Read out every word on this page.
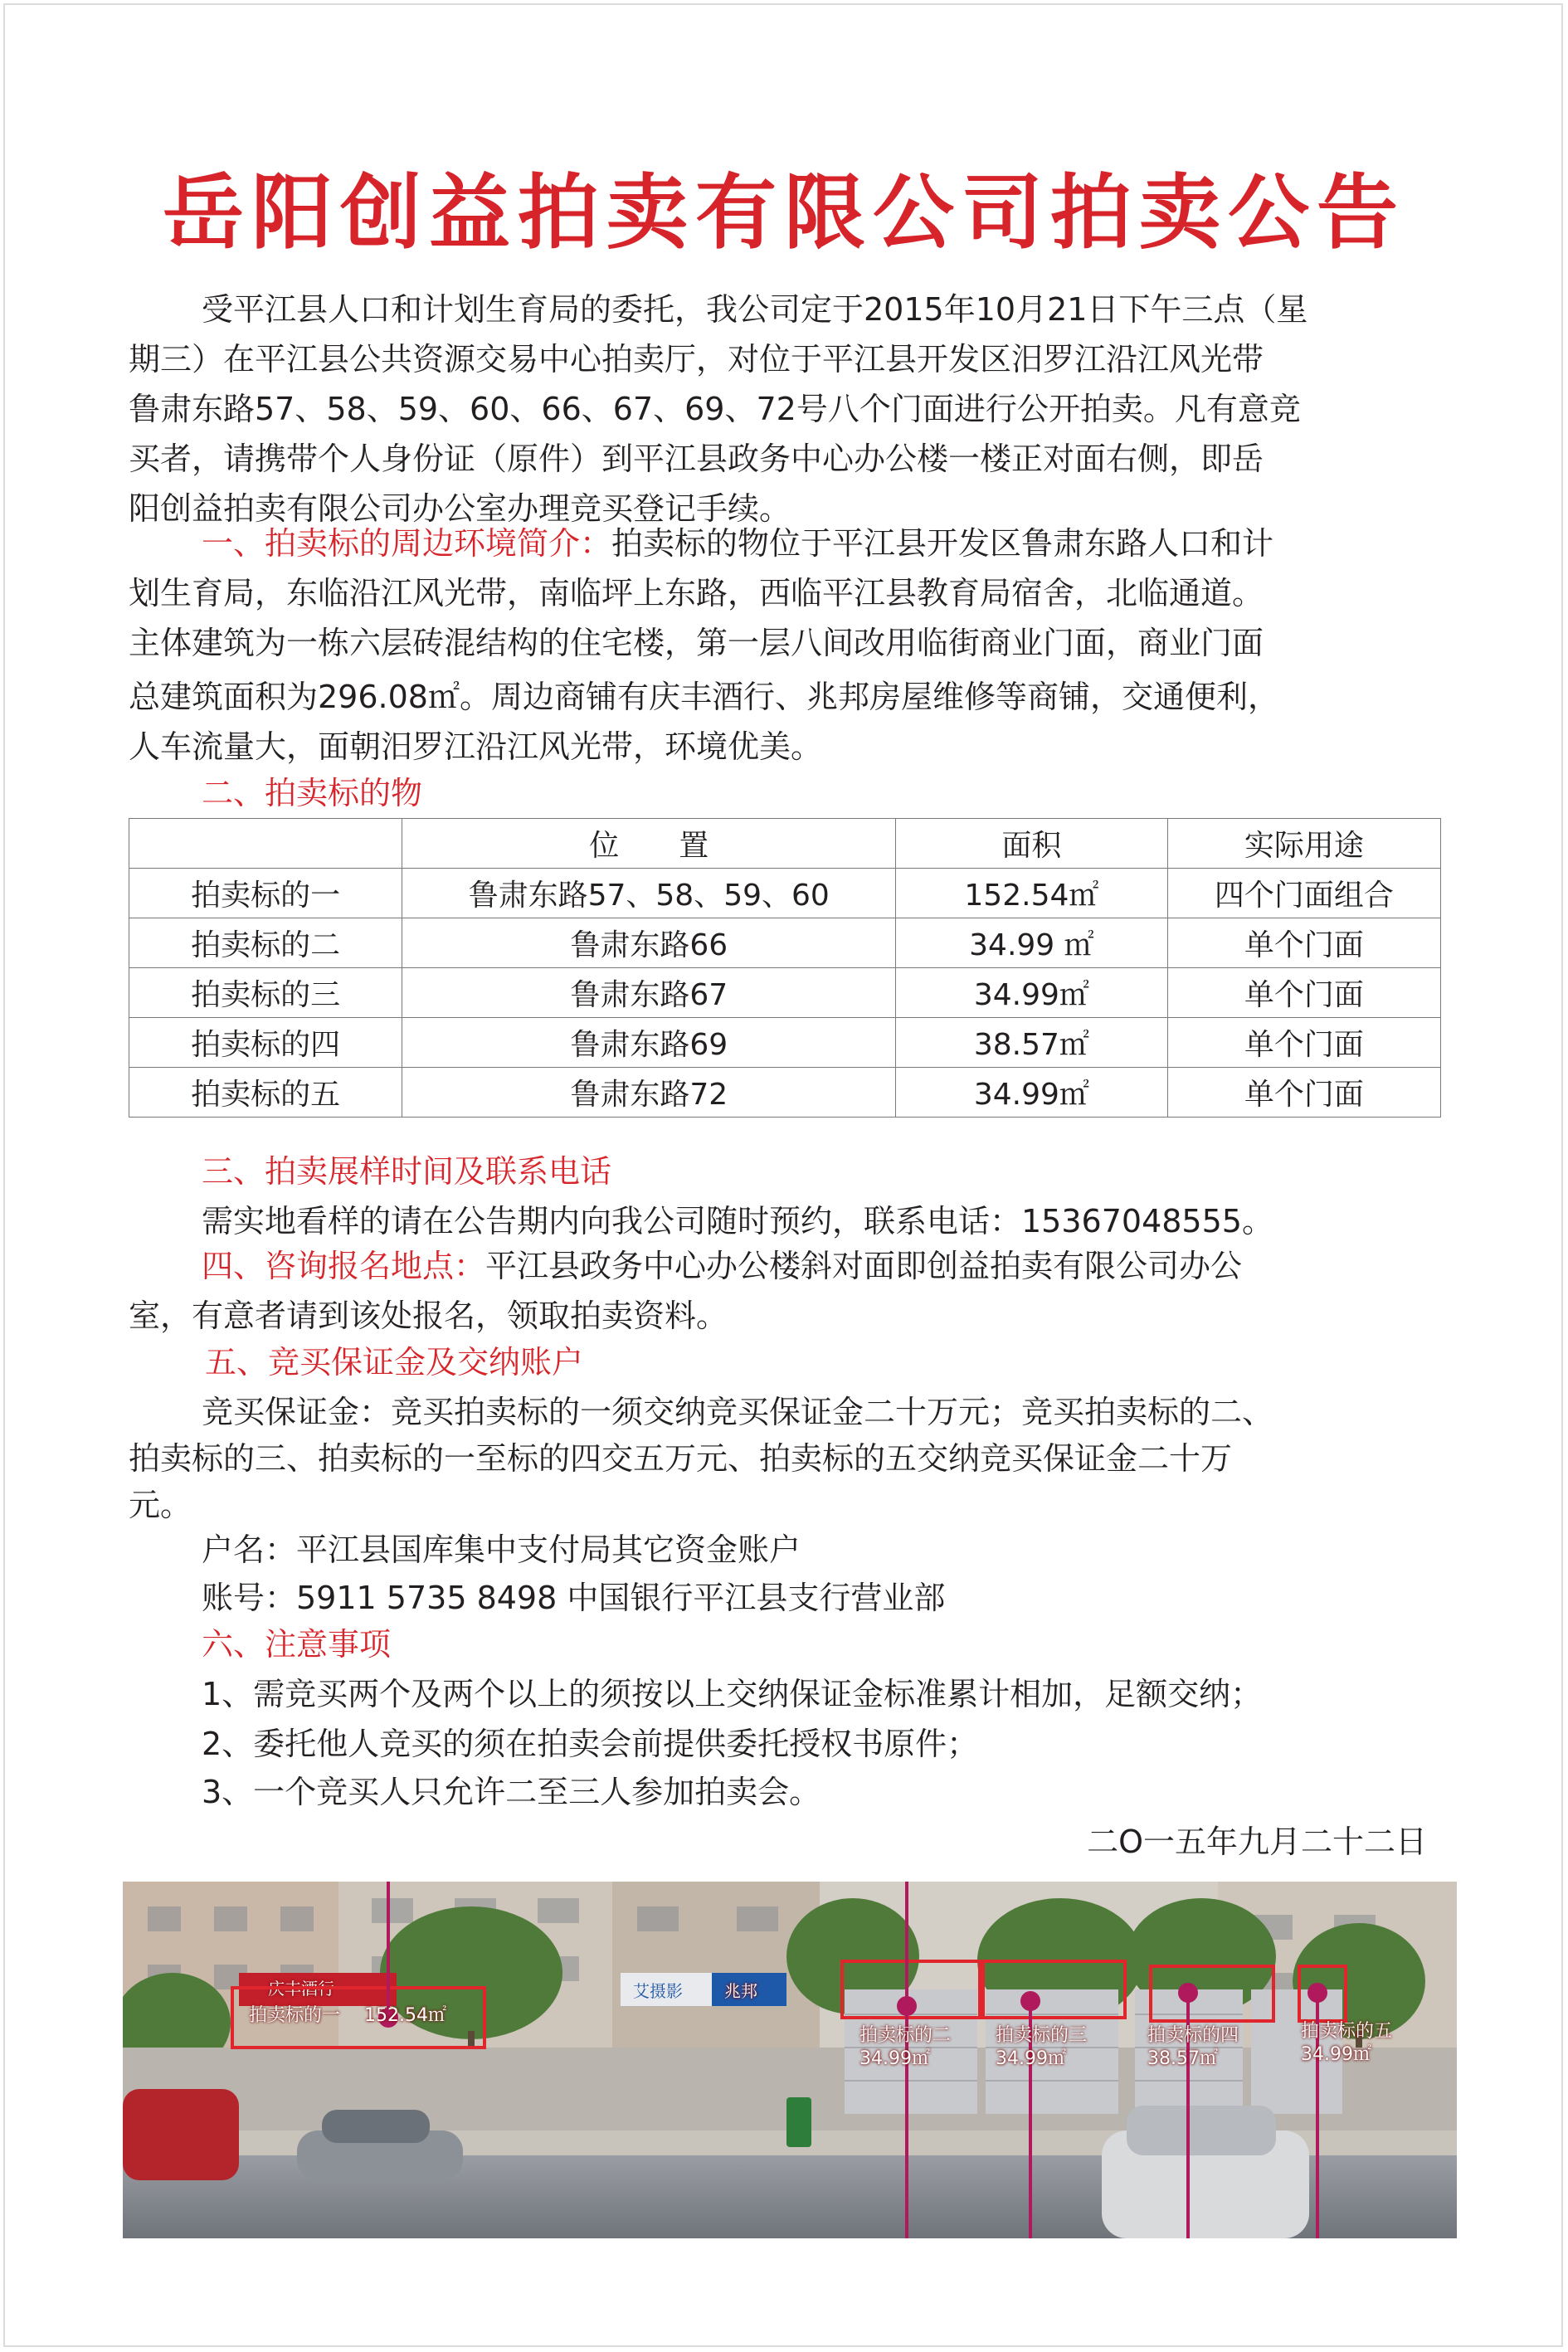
岳阳创益拍卖有限公司拍卖公告
受平江县人口和计划生育局的委托，我公司定于2015年10月21日下午三点（星
期三）在平江县公共资源交易中心拍卖厅，对位于平江县开发区汨罗江沿江风光带
鲁肃东路57、58、59、60、66、67、69、72号八个门面进行公开拍卖。凡有意竞
买者，请携带个人身份证（原件）到平江县政务中心办公楼一楼正对面右侧，即岳
阳创益拍卖有限公司办公室办理竞买登记手续。
一、拍卖标的周边环境简介：拍卖标的物位于平江县开发区鲁肃东路人口和计
划生育局，东临沿江风光带，南临坪上东路，西临平江县教育局宿舍，北临通道。
主体建筑为一栋六层砖混结构的住宅楼，第一层八间改用临街商业门面，商业门面
总建筑面积为296.08㎡。周边商铺有庆丰酒行、兆邦房屋维修等商铺，交通便利，
人车流量大，面朝汨罗江沿江风光带，环境优美。
二、拍卖标的物
	位　　置	面积	实际用途
拍卖标的一	鲁肃东路57、58、59、60	152.54㎡	四个门面组合
拍卖标的二	鲁肃东路66	34.99 ㎡	单个门面
拍卖标的三	鲁肃东路67	34.99㎡	单个门面
拍卖标的四	鲁肃东路69	38.57㎡	单个门面
拍卖标的五	鲁肃东路72	34.99㎡	单个门面
三、拍卖展样时间及联系电话
需实地看样的请在公告期内向我公司随时预约，联系电话：15367048555。
四、咨询报名地点：平江县政务中心办公楼斜对面即创益拍卖有限公司办公
室，有意者请到该处报名，领取拍卖资料。
五、竞买保证金及交纳账户
竞买保证金：竞买拍卖标的一须交纳竞买保证金二十万元；竞买拍卖标的二、
拍卖标的三、拍卖标的一至标的四交五万元、拍卖标的五交纳竞买保证金二十万
元。
户名：平江县国库集中支付局其它资金账户
账号：5911 5735 8498 中国银行平江县支行营业部
六、注意事项
1、需竞买两个及两个以上的须按以上交纳保证金标准累计相加，足额交纳；
2、委托他人竞买的须在拍卖会前提供委托授权书原件；
3、一个竞买人只允许二至三人参加拍卖会。
二O一五年九月二十二日
庆丰酒行	艾摄影	兆邦
拍卖标的一　 152.54㎡
拍卖标的二
34.99㎡
拍卖标的三
34.99㎡
拍卖标的四
38.57㎡
拍卖标的五
34.99㎡
